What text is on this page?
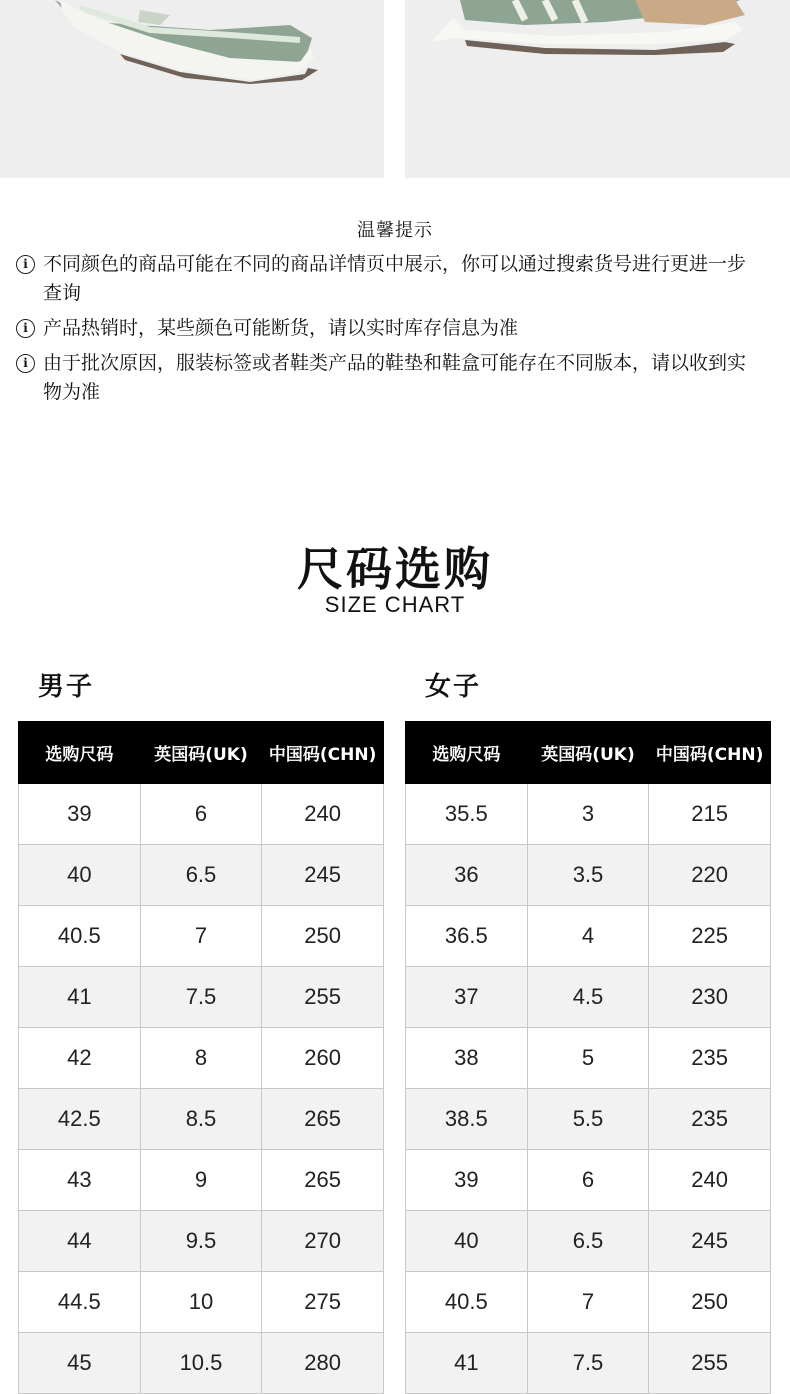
温馨提示
i 不同颜色的商品可能在不同的商品详情页中展示，你可以通过搜索货号进行更进一步查询
i 产品热销时，某些颜色可能断货，请以实时库存信息为准
i 由于批次原因，服装标签或者鞋类产品的鞋垫和鞋盒可能存在不同版本，请以收到实物为准
尺码选购
SIZE CHART
男子	女子
选购尺码	英国码(UK)	中国码(CHN)
39	6	240
40	6.5	245
40.5	7	250
41	7.5	255
42	8	260
42.5	8.5	265
43	9	265
44	9.5	270
44.5	10	275
45	10.5	280
选购尺码	英国码(UK)	中国码(CHN)
35.5	3	215
36	3.5	220
36.5	4	225
37	4.5	230
38	5	235
38.5	5.5	235
39	6	240
40	6.5	245
40.5	7	250
41	7.5	255
